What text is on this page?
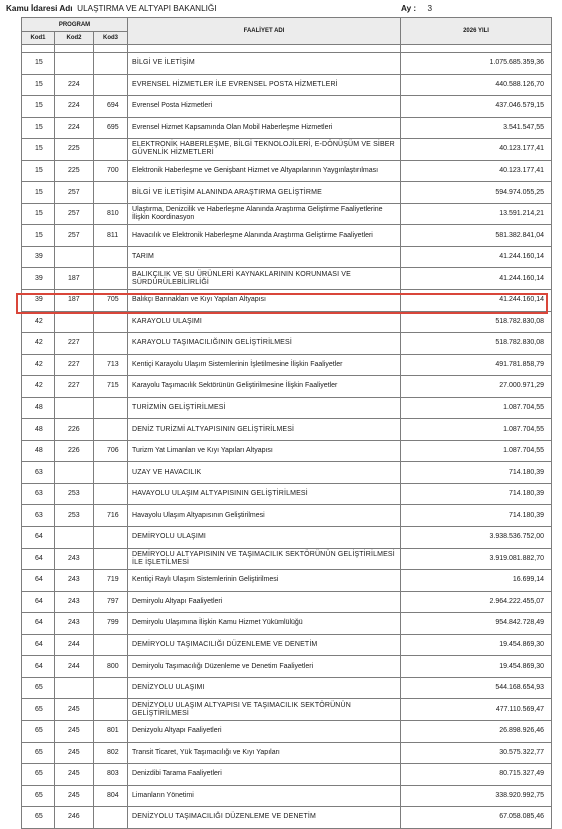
Kamu İdaresi Adı ULAŞTIRMA VE ALTYAPI BAKANLIĞI	Ay : 3
PROGRAM			FAALİYET ADI	2026 YILI
Kod1	Kod2	Kod3		

15			BİLGİ VE İLETİŞİM	1.075.685.359,36
15	224		EVRENSEL HİZMETLER İLE EVRENSEL POSTA HİZMETLERİ	440.588.126,70
15	224	694	Evrensel Posta Hizmetleri	437.046.579,15
15	224	695	Evrensel Hizmet Kapsamında Olan Mobil Haberleşme Hizmetleri	3.541.547,55
15	225		ELEKTRONİK HABERLEŞME, BİLGİ TEKNOLOJİLERİ, E-DÖNÜŞÜM VE SİBER GÜVENLİK HİZMETLERİ	40.123.177,41
15	225	700	Elektronik Haberleşme ve Genişbant Hizmet ve Altyapılarının Yaygınlaştırılması	40.123.177,41
15	257		BİLGİ VE İLETİŞİM ALANINDA ARAŞTIRMA GELİŞTİRME	594.974.055,25
15	257	810	Ulaştırma, Denizcilik ve Haberleşme Alanında Araştırma Geliştirme Faaliyetlerine İlişkin Koordinasyon	13.591.214,21
15	257	811	Havacılık ve Elektronik Haberleşme Alanında Araştırma Geliştirme Faaliyetleri	581.382.841,04
39			TARIM	41.244.160,14
39	187		BALIKÇILIK VE SU ÜRÜNLERİ KAYNAKLARININ KORUNMASI VE SÜRDÜRÜLEBİLİRLİĞİ	41.244.160,14
39	187	705	Balıkçı Barınakları ve Kıyı Yapıları Altyapısı	41.244.160,14
42			KARAYOLU ULAŞIMI	518.782.830,08
42	227		KARAYOLU TAŞIMACILIĞININ GELİŞTİRİLMESİ	518.782.830,08
42	227	713	Kentiçi Karayolu Ulaşım Sistemlerinin İşletilmesine İlişkin Faaliyetler	491.781.858,79
42	227	715	Karayolu Taşımacılık Sektörünün Geliştirilmesine İlişkin Faaliyetler	27.000.971,29
48			TURİZMİN GELİŞTİRİLMESİ	1.087.704,55
48	226		DENİZ TURİZMİ ALTYAPISININ GELİŞTİRİLMESİ	1.087.704,55
48	226	706	Turizm Yat Limanları ve Kıyı Yapıları Altyapısı	1.087.704,55
63			UZAY VE HAVACILIK	714.180,39
63	253		HAVAYOLU ULAŞIM ALTYAPISININ GELİŞTİRİLMESİ	714.180,39
63	253	716	Havayolu Ulaşım Altyapısının Geliştirilmesi	714.180,39
64			DEMİRYOLU ULAŞIMI	3.938.536.752,00
64	243		DEMİRYOLU ALTYAPISININ VE TAŞIMACILIK SEKTÖRÜNÜN GELİŞTİRİLMESİ İLE İŞLETİLMESİ	3.919.081.882,70
64	243	719	Kentiçi Raylı Ulaşım Sistemlerinin Geliştirilmesi	16.699,14
64	243	797	Demiryolu Altyapı Faaliyetleri	2.964.222.455,07
64	243	799	Demiryolu Ulaşımına İlişkin Kamu Hizmet Yükümlülüğü	954.842.728,49
64	244		DEMİRYOLU TAŞIMACILIĞI DÜZENLEME VE DENETİM	19.454.869,30
64	244	800	Demiryolu Taşımacılığı Düzenleme ve Denetim Faaliyetleri	19.454.869,30
65			DENİZYOLU ULAŞIMI	544.168.654,93
65	245		DENİZYOLU ULAŞIM ALTYAPISI VE TAŞIMACILIK SEKTÖRÜNÜN GELİŞTİRİLMESİ	477.110.569,47
65	245	801	Denizyolu Altyapı Faaliyetleri	26.898.926,46
65	245	802	Transit Ticaret, Yük Taşımacılığı ve Kıyı Yapıları	30.575.322,77
65	245	803	Denizdibi Tarama Faaliyetleri	80.715.327,49
65	245	804	Limanların Yönetimi	338.920.992,75
65	246		DENİZYOLU TAŞIMACILIĞI DÜZENLEME VE DENETİM	67.058.085,46
